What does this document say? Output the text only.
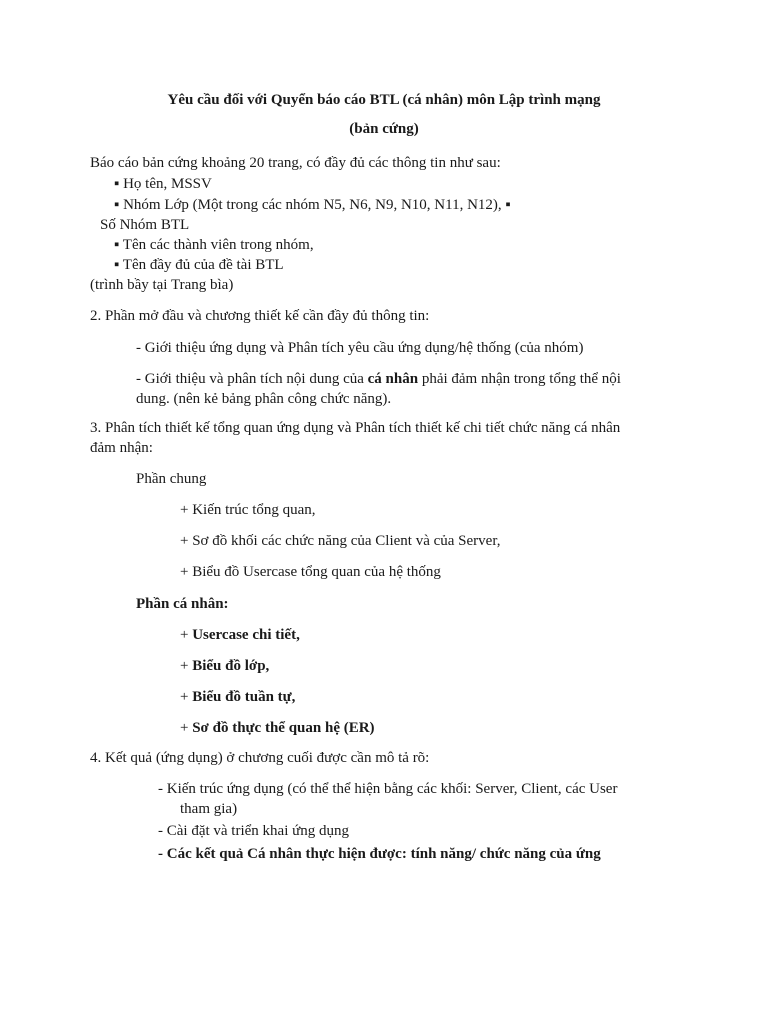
Yêu cầu đối với Quyển báo cáo BTL (cá nhân) môn Lập trình mạng
(bản cứng)
Báo cáo bản cứng khoảng 20 trang, có đầy đủ các thông tin như sau:
▪ Họ tên, MSSV
▪ Nhóm Lớp (Một trong các nhóm N5, N6, N9, N10, N11, N12), ▪
Số Nhóm BTL
▪ Tên các thành viên trong nhóm,
▪ Tên đầy đủ của đề tài BTL
(trình bầy tại Trang bìa)
2. Phần mở đầu và chương thiết kế cần đầy đủ thông tin:
- Giới thiệu ứng dụng và Phân tích yêu cầu ứng dụng/hệ thống (của nhóm)
- Giới thiệu và phân tích nội dung của cá nhân phải đảm nhận trong tổng thể nội
dung. (nên kẻ bảng phân công chức năng).
3. Phân tích thiết kế tổng quan ứng dụng và Phân tích thiết kế chi tiết chức năng cá nhân
đảm nhận:
Phần chung
+ Kiến trúc tổng quan,
+ Sơ đồ khối các chức năng của Client và của Server,
+ Biểu đồ Usercase tổng quan của hệ thống
Phần cá nhân:
+ Usercase chi tiết,
+ Biểu đồ lớp,
+ Biểu đồ tuần tự,
+ Sơ đồ thực thể quan hệ (ER)
4. Kết quả (ứng dụng) ở chương cuối được cần mô tả rõ:
- Kiến trúc ứng dụng (có thể thể hiện bằng các khối: Server, Client, các User
tham gia)
- Cài đặt và triển khai ứng dụng
- Các kết quả Cá nhân thực hiện được: tính năng/ chức năng của ứng
